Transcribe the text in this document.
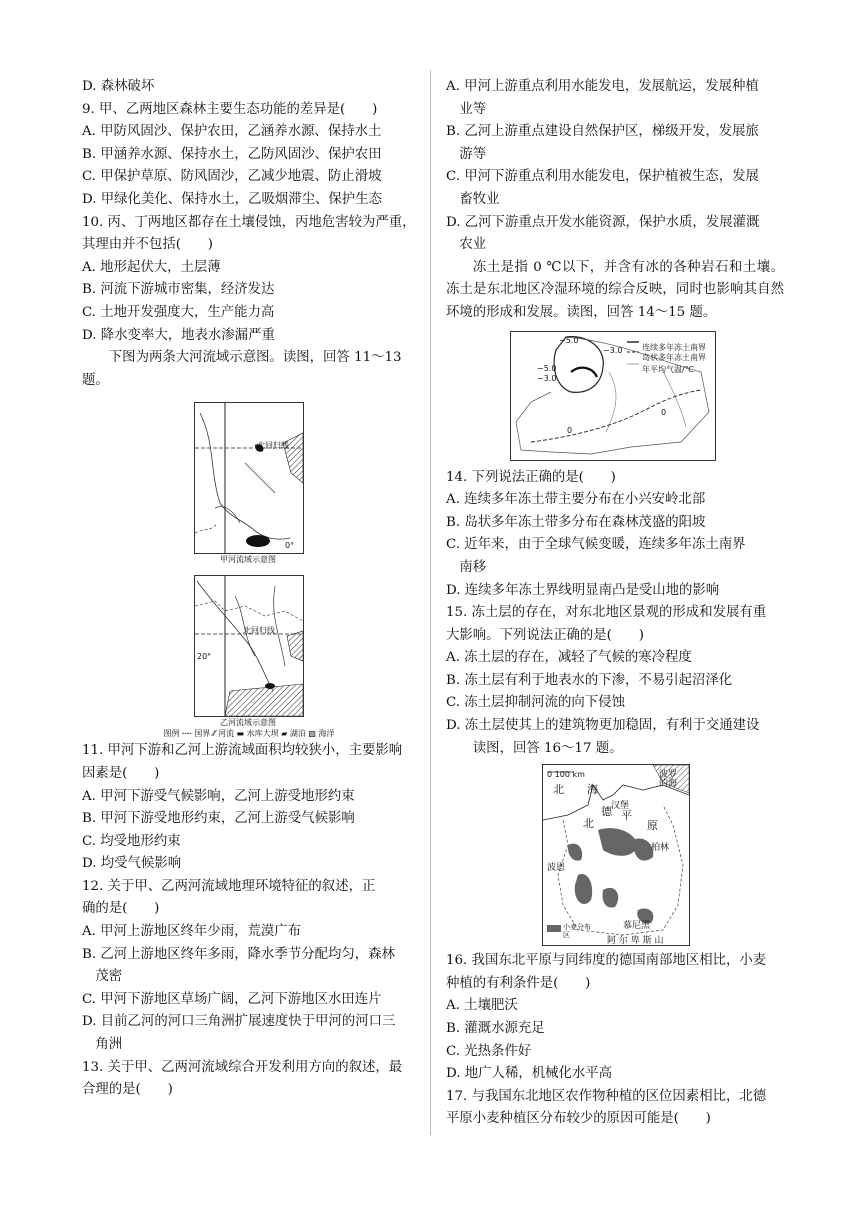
D. 森林破坏
9. 甲、乙两地区森林主要生态功能的差异是(　　)
A. 甲防风固沙、保护农田，乙涵养水源、保持水土
B. 甲涵养水源、保持水土，乙防风固沙、保护农田
C. 甲保护草原、防风固沙，乙减少地震、防止滑坡
D. 甲绿化美化、保持水土，乙吸烟滞尘、保护生态
10. 丙、丁两地区都存在土壤侵蚀，丙地危害较为严重，
其理由并不包括(　　)
A. 地形起伏大，土层薄
B. 河流下游城市密集，经济发达
C. 土地开发强度大，生产能力高
D. 降水变率大，地表水渗漏严重
下图为两条大河流域示意图。读图，回答 11～13
题。
北回归线
0°
甲河流域示意图
北回归线
20°
乙河流域示意图
图例 ╌╌ 国界 ⁄⁄ 河流 ▬ 水库大坝 ▰ 湖泊 ▨ 海洋
11. 甲河下游和乙河上游流域面积均较狭小，主要影响
因素是(　　)
A. 甲河下游受气候影响，乙河上游受地形约束
B. 甲河下游受地形约束，乙河上游受气候影响
C. 均受地形约束
D. 均受气候影响
12. 关于甲、乙两河流域地理环境特征的叙述，正
确的是(　　)
A. 甲河上游地区终年少雨，荒漠广布
B. 乙河上游地区终年多雨，降水季节分配均匀，森林
茂密
C. 甲河下游地区草场广阔，乙河下游地区水田连片
D. 目前乙河的河口三角洲扩展速度快于甲河的河口三
角洲
13. 关于甲、乙两河流域综合开发利用方向的叙述，最
合理的是(　　)
A. 甲河上游重点利用水能发电，发展航运，发展种植
业等
B. 乙河上游重点建设自然保护区，梯级开发，发展旅
游等
C. 甲河下游重点利用水能发电，保护植被生态，发展
畜牧业
D. 乙河下游重点开发水能资源，保护水质，发展灌溉
农业
冻土是指 0 ℃以下，并含有冰的各种岩石和土壤。冻土是东北地区冷湿环境的综合反映，同时也影响其自然环境的形成和发展。读图，回答 14～15 题。
连续多年冻土南界
岛状多年冻土南界
年平均气温/℃
−5.0
−3.0
−5.0
−3.0
0
0
14. 下列说法正确的是(　　)
A. 连续多年冻土带主要分布在小兴安岭北部
B. 岛状多年冻土带多分布在森林茂盛的阳坡
C. 近年来，由于全球气候变暖，连续多年冻土南界
南移
D. 连续多年冻土界线明显南凸是受山地的影响
15. 冻土层的存在，对东北地区景观的形成和发展有重
大影响。下列说法正确的是(　　)
A. 冻土层的存在，减轻了气候的寒冷程度
B. 冻土层有利于地表水的下渗，不易引起沼泽化
C. 冻土层抑制河流的向下侵蚀
D. 冻土层使其上的建筑物更加稳固，有利于交通建设
读图，回答 16～17 题。
0 100 km
北 海
波罗的海
汉堡
北
德 平
原
柏林
波恩
慕尼黑
阿 尔 卑 斯 山
小麦分布区
16. 我国东北平原与同纬度的德国南部地区相比，小麦
种植的有利条件是(　　)
A. 土壤肥沃
B. 灌溉水源充足
C. 光热条件好
D. 地广人稀，机械化水平高
17. 与我国东北地区农作物种植的区位因素相比，北德
平原小麦种植区分布较少的原因可能是(　　)
